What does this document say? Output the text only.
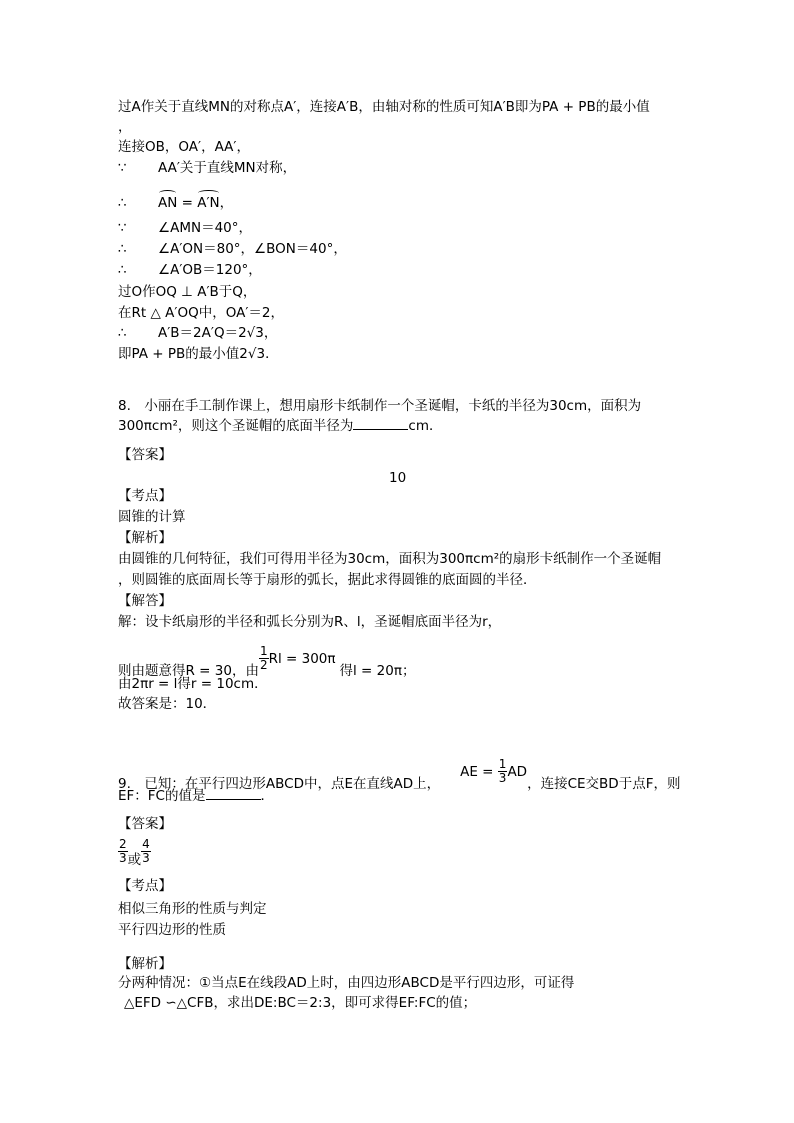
过A作关于直线MN的对称点A′，连接A′B，由轴对称的性质可知A′B即为PA + PB的最小值
，
连接OB，OA′，AA′，
∵ AA′关于直线MN对称，
∴ AN = A′N，
∵ ∠AMN＝40°，
∴ ∠A′ON＝80°，∠BON＝40°，
∴ ∠A′OB＝120°，
过O作OQ ⊥ A′B于Q，
在Rt △ A′OQ中，OA′＝2，
∴ A′B＝2A′Q＝2√3，
即PA + PB的最小值2√3．
8.　小丽在手工制作课上，想用扇形卡纸制作一个圣诞帽，卡纸的半径为30cm，面积为
300πcm²，则这个圣诞帽的底面半径为	cm．
【答案】
10
【考点】
圆锥的计算
【解析】
由圆锥的几何特征，我们可得用半径为30cm，面积为300πcm²的扇形卡纸制作一个圣诞帽
，则圆锥的底面周长等于扇形的弧长，据此求得圆锥的底面圆的半径．
【解答】
解：设卡纸扇形的半径和弧长分别为R、l，圣诞帽底面半径为r，
则由题意得R = 30，由 $\frac{1}{2}$ Rl = 300π得l = 20π；
由2πr = l得r = 10cm．
故答案是：10．
9.　已知：在平行四边形ABCD中，点E在直线AD上，AE = $\frac{1}{3}$ AD，连接CE交BD于点F，则
EF：FC的值是	．
【答案】
$\frac{2}{3}$ 或 $\frac{4}{3}$
【考点】
相似三角形的性质与判定
平行四边形的性质
【解析】
分两种情况：①当点E在线段AD上时，由四边形ABCD是平行四边形，可证得
△EFD ∽△CFB，求出DE:BC＝2:3，即可求得EF:FC的值；
